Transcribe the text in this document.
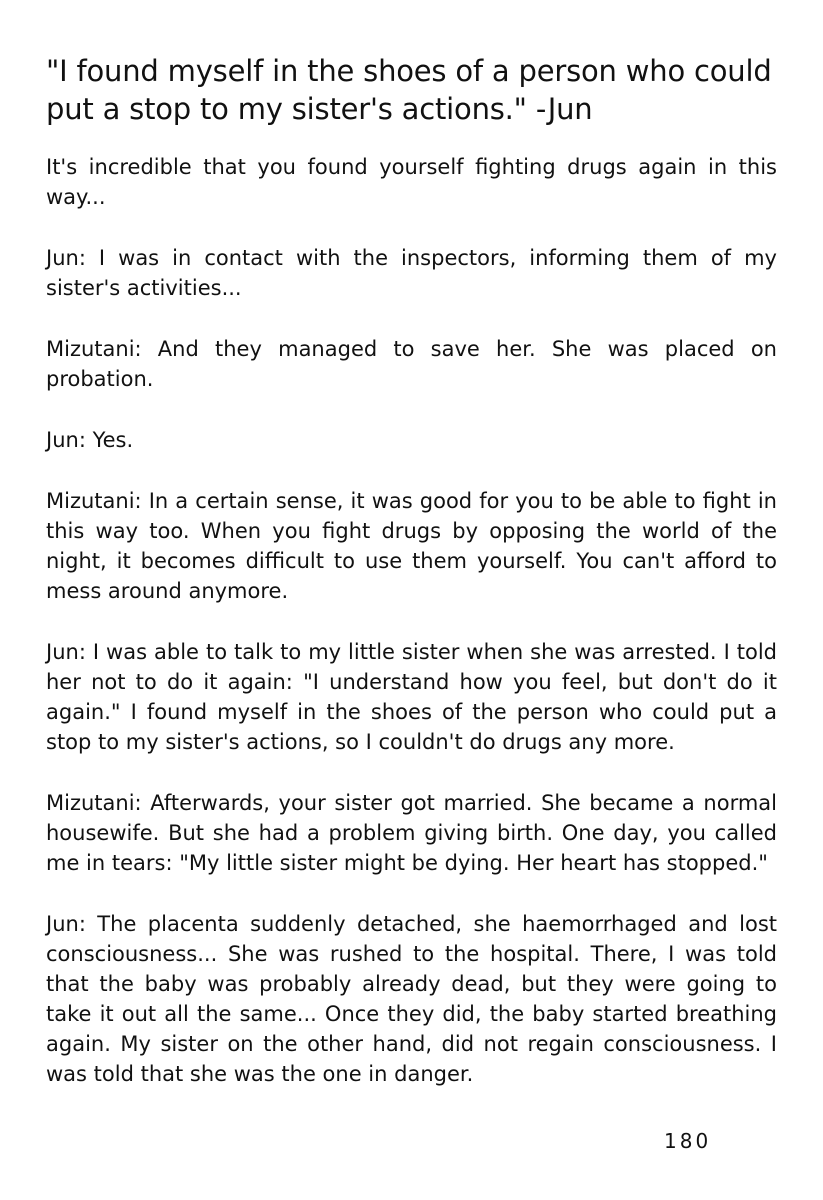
"I found myself in the shoes of a person who could put a stop to my sister's actions." -Jun

It's incredible that you found yourself fighting drugs again in this way...

Jun: I was in contact with the inspectors, informing them of my sister's activities...

Mizutani: And they managed to save her. She was placed on probation.

Jun: Yes.

Mizutani: In a certain sense, it was good for you to be able to fight in this way too. When you fight drugs by opposing the world of the night, it becomes difficult to use them yourself. You can't afford to mess around anymore.

Jun: I was able to talk to my little sister when she was arrested. I told her not to do it again: "I understand how you feel, but don't do it again." I found myself in the shoes of the person who could put a stop to my sister's actions, so I couldn't do drugs any more.

Mizutani: Afterwards, your sister got married. She became a normal housewife. But she had a problem giving birth. One day, you called me in tears: "My little sister might be dying. Her heart has stopped."

Jun: The placenta suddenly detached, she haemorrhaged and lost consciousness... She was rushed to the hospital. There, I was told that the baby was probably already dead, but they were going to take it out all the same... Once they did, the baby started breathing again. My sister on the other hand, did not regain consciousness. I was told that she was the one in danger.

180
